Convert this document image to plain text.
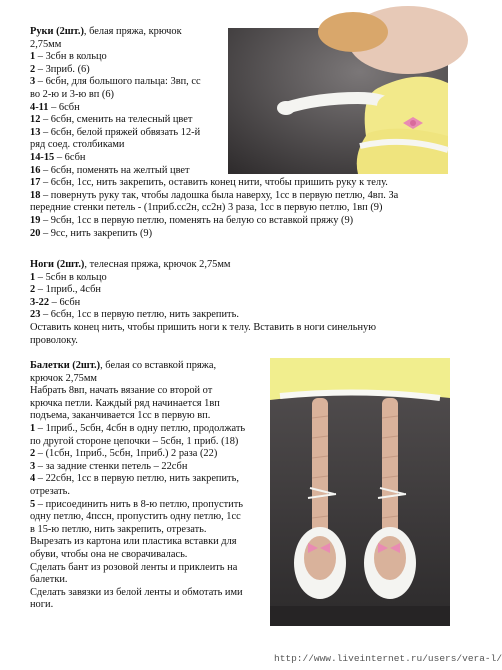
Руки (2шт.), белая пряжа, крючок
2,75мм
1 – 3сбн в кольцо
2 – 3приб. (6)
3 – 6сбн, для большого пальца: 3вп, сс
во 2-ю и 3-ю вп (6)
4-11 – 6сбн
12 – 6сбн, сменить на телесный цвет
13 – 6сбн, белой пряжей обвязать 12-й
ряд соед. столбиками
14-15 – 6сбн
16 – 6сбн, поменять на желтый цвет
17 – 6сбн, 1сс, нить закрепить, оставить конец нити, чтобы пришить руку к телу.
18 – повернуть руку так, чтобы ладошка была наверху, 1сс в первую петлю, 4вп. За
передние стенки петель - (1приб.сс2н, сс2н) 3 раза, 1сс в первую петлю, 1вп (9)
19 – 9сбн, 1сс в первую петлю, поменять на белую со вставкой пряжу (9)
20 – 9сс, нить закрепить (9)
Ноги (2шт.), телесная пряжа, крючок 2,75мм
1 – 5сбн в кольцо
2 – 1приб., 4сбн
3-22 – 6сбн
23 – 6сбн, 1сс в первую петлю, нить закрепить.
Оставить конец нить, чтобы пришить ноги к телу. Вставить в ноги синельную
проволоку.
Балетки (2шт.), белая со вставкой пряжа,
крючок 2,75мм
Набрать 8вп, начать вязание со второй от
крючка петли. Каждый ряд начинается 1вп
подъема, заканчивается 1сс в первую вп.
1 – 1приб., 5сбн, 4сбн в одну петлю, продолжать
по другой стороне цепочки – 5сбн, 1 приб. (18)
2 – (1сбн, 1приб., 5сбн, 1приб.) 2 раза (22)
3 – за задние стенки петель – 22сбн
4 – 22сбн, 1сс в первую петлю, нить закрепить,
отрезать.
5 – присоединить нить в 8-ю петлю, пропустить
одну петлю, 4пссн, пропустить одну петлю, 1сс
в 15-ю петлю, нить закрепить, отрезать.
Вырезать из картона или пластика вставки для
обуви, чтобы она не сворачивалась.
Сделать бант из розовой ленты и приклеить на
балетки.
Сделать завязки из белой ленты и обмотать ими
ноги.
http://www.liveinternet.ru/users/vera-l/
